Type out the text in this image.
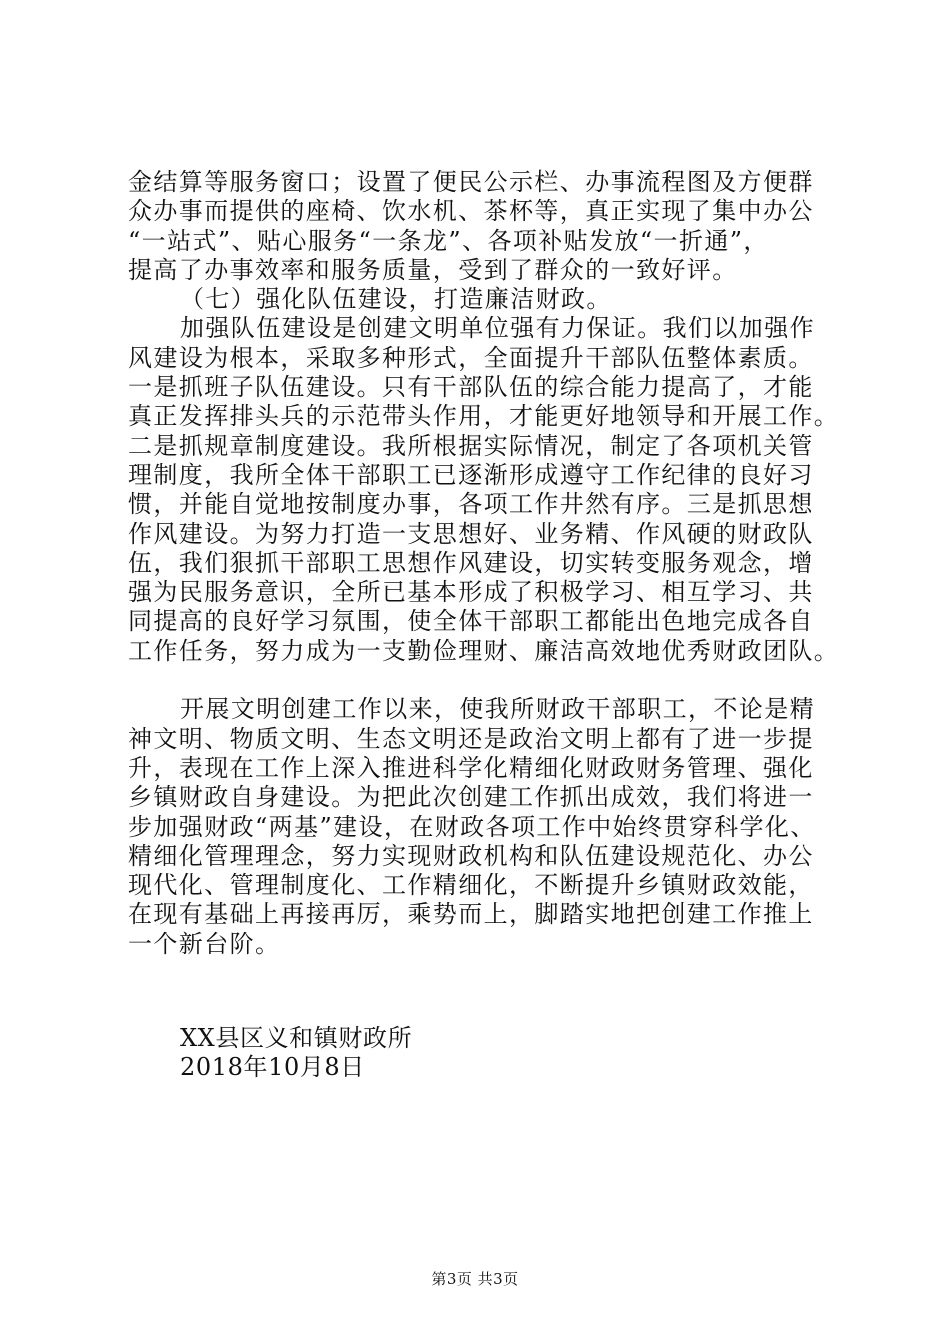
金结算等服务窗口；设置了便民公示栏、办事流程图及方便群
众办事而提供的座椅、饮水机、茶杯等，真正实现了集中办公
“一站式”、贴心服务“一条龙”、各项补贴发放“一折通”，
提高了办事效率和服务质量，受到了群众的一致好评。
（七）强化队伍建设，打造廉洁财政。
加强队伍建设是创建文明单位强有力保证。我们以加强作
风建设为根本，采取多种形式，全面提升干部队伍整体素质。
一是抓班子队伍建设。只有干部队伍的综合能力提高了，才能
真正发挥排头兵的示范带头作用，才能更好地领导和开展工作。
二是抓规章制度建设。我所根据实际情况，制定了各项机关管
理制度，我所全体干部职工已逐渐形成遵守工作纪律的良好习
惯，并能自觉地按制度办事，各项工作井然有序。三是抓思想
作风建设。为努力打造一支思想好、业务精、作风硬的财政队
伍，我们狠抓干部职工思想作风建设，切实转变服务观念，增
强为民服务意识，全所已基本形成了积极学习、相互学习、共
同提高的良好学习氛围，使全体干部职工都能出色地完成各自
工作任务，努力成为一支勤俭理财、廉洁高效地优秀财政团队。
开展文明创建工作以来，使我所财政干部职工，不论是精
神文明、物质文明、生态文明还是政治文明上都有了进一步提
升，表现在工作上深入推进科学化精细化财政财务管理、强化
乡镇财政自身建设。为把此次创建工作抓出成效，我们将进一
步加强财政“两基”建设，在财政各项工作中始终贯穿科学化、
精细化管理理念，努力实现财政机构和队伍建设规范化、办公
现代化、管理制度化、工作精细化，不断提升乡镇财政效能，
在现有基础上再接再厉，乘势而上，脚踏实地把创建工作推上
一个新台阶。
XX县区义和镇财政所
2018年10月8日
第3页 共3页
